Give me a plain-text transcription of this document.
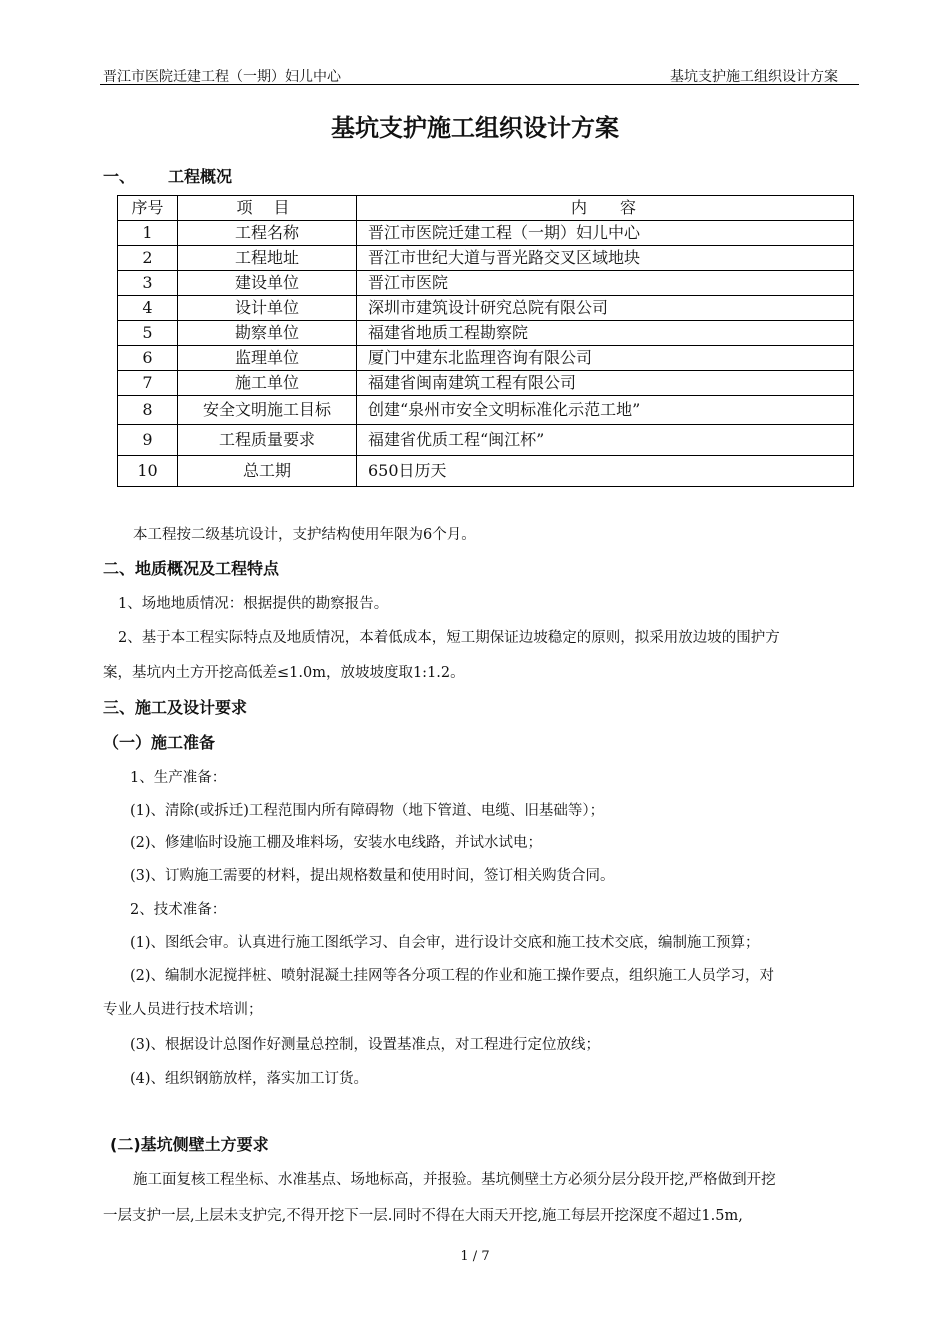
晋江市医院迁建工程（一期）妇儿中心	基坑支护施工组织设计方案
基坑支护施工组织设计方案
一、 工程概况
序号	项 目	内 容
1	工程名称	晋江市医院迁建工程（一期）妇儿中心
2	工程地址	晋江市世纪大道与晋光路交叉区域地块
3	建设单位	晋江市医院
4	设计单位	深圳市建筑设计研究总院有限公司
5	勘察单位	福建省地质工程勘察院
6	监理单位	厦门中建东北监理咨询有限公司
7	施工单位	福建省闽南建筑工程有限公司
8	安全文明施工目标	创建“泉州市安全文明标准化示范工地”
9	工程质量要求	福建省优质工程“闽江杯”
10	总工期	650日历天
本工程按二级基坑设计，支护结构使用年限为6个月。
二、地质概况及工程特点
1、场地地质情况：根据提供的勘察报告。
2、基于本工程实际特点及地质情况，本着低成本，短工期保证边坡稳定的原则，拟采用放边坡的围护方
案，基坑内土方开挖高低差≤1.0m，放坡坡度取1:1.2。
三、施工及设计要求
（一）施工准备
1、生产准备：
(1)、清除(或拆迁)工程范围内所有障碍物（地下管道、电缆、旧基础等）；
(2)、修建临时设施工棚及堆料场，安装水电线路，并试水试电；
(3)、订购施工需要的材料，提出规格数量和使用时间，签订相关购货合同。
2、技术准备：
(1)、图纸会审。认真进行施工图纸学习、自会审，进行设计交底和施工技术交底，编制施工预算；
(2)、编制水泥搅拌桩、喷射混凝土挂网等各分项工程的作业和施工操作要点，组织施工人员学习，对
专业人员进行技术培训；
(3)、根据设计总图作好测量总控制，设置基准点，对工程进行定位放线；
(4)、组织钢筋放样，落实加工订货。
(二)基坑侧壁土方要求
施工面复核工程坐标、水准基点、场地标高，并报验。基坑侧壁土方必须分层分段开挖,严格做到开挖
一层支护一层,上层未支护完,不得开挖下一层.同时不得在大雨天开挖,施工每层开挖深度不超过1.5m,
1 / 7
